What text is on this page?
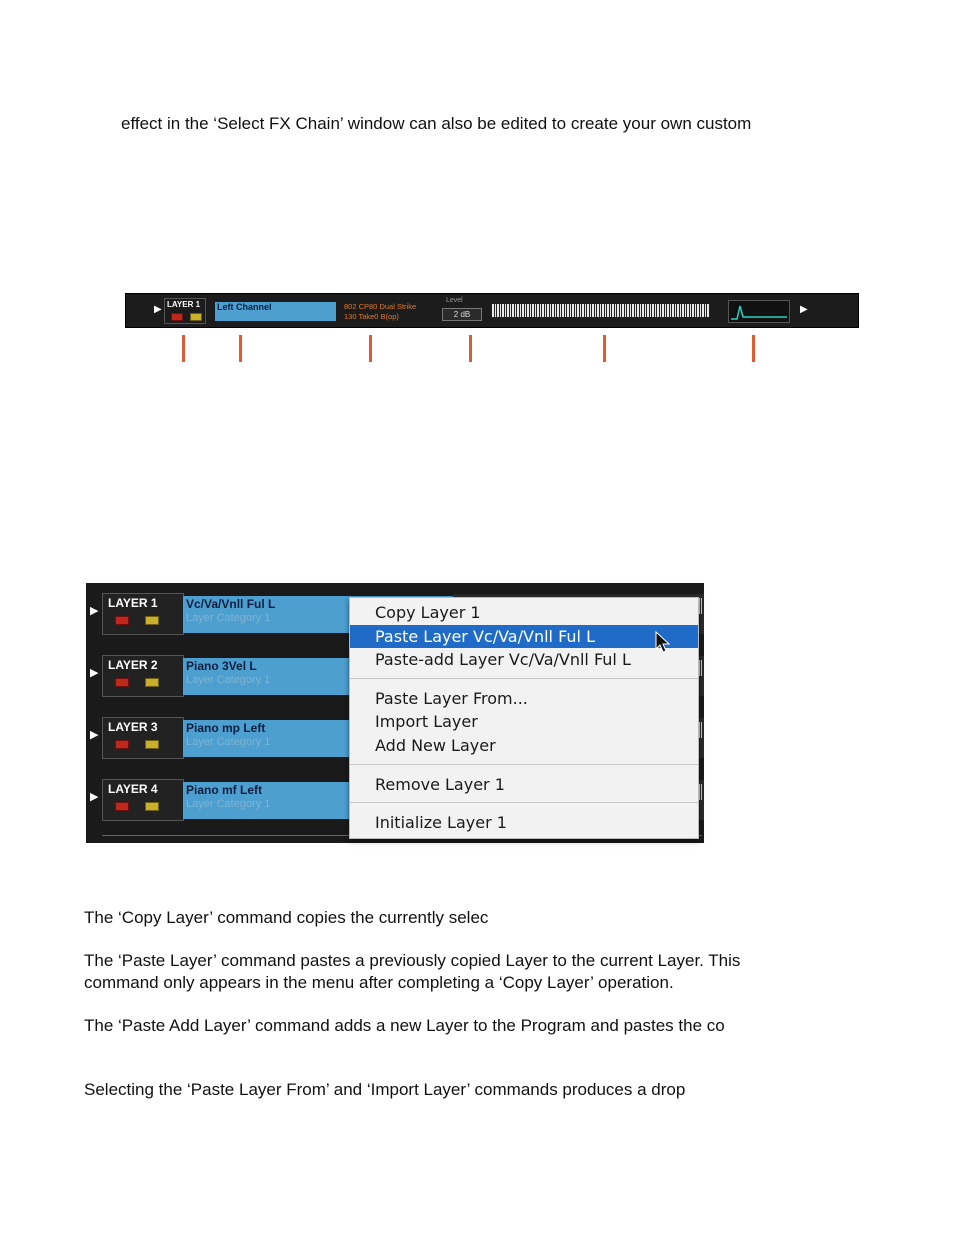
effect in the ‘Select FX Chain’ window can also be edited to create your own custom
▶ LAYER 1 Left Channel	802 CP80 Dual Strike
130 Take0 B(op)
Level
2 dB	▶
▶
LAYER 1 Vc/Va/Vnll Ful L
Layer Category 1
▶
LAYER 2 Piano 3Vel L
Layer Category 1
▶
LAYER 3 Piano mp Left
Layer Category 1
▶
LAYER 4 Piano mf Left
Layer Category 1
Copy Layer 1
Paste Layer Vc/Va/Vnll Ful L
Paste-add Layer Vc/Va/Vnll Ful L
Paste Layer From...
Import Layer
Add New Layer
Remove Layer 1
Initialize Layer 1
The ‘Copy Layer’ command copies the currently selec
The ‘Paste Layer’ command pastes a previously copied Layer to the current Layer. This
command only appears in the menu after completing a ‘Copy Layer’ operation.
The ‘Paste Add Layer’ command adds a new Layer to the Program and pastes the co
Selecting the ‘Paste Layer From’ and ‘Import Layer’ commands produces a drop
